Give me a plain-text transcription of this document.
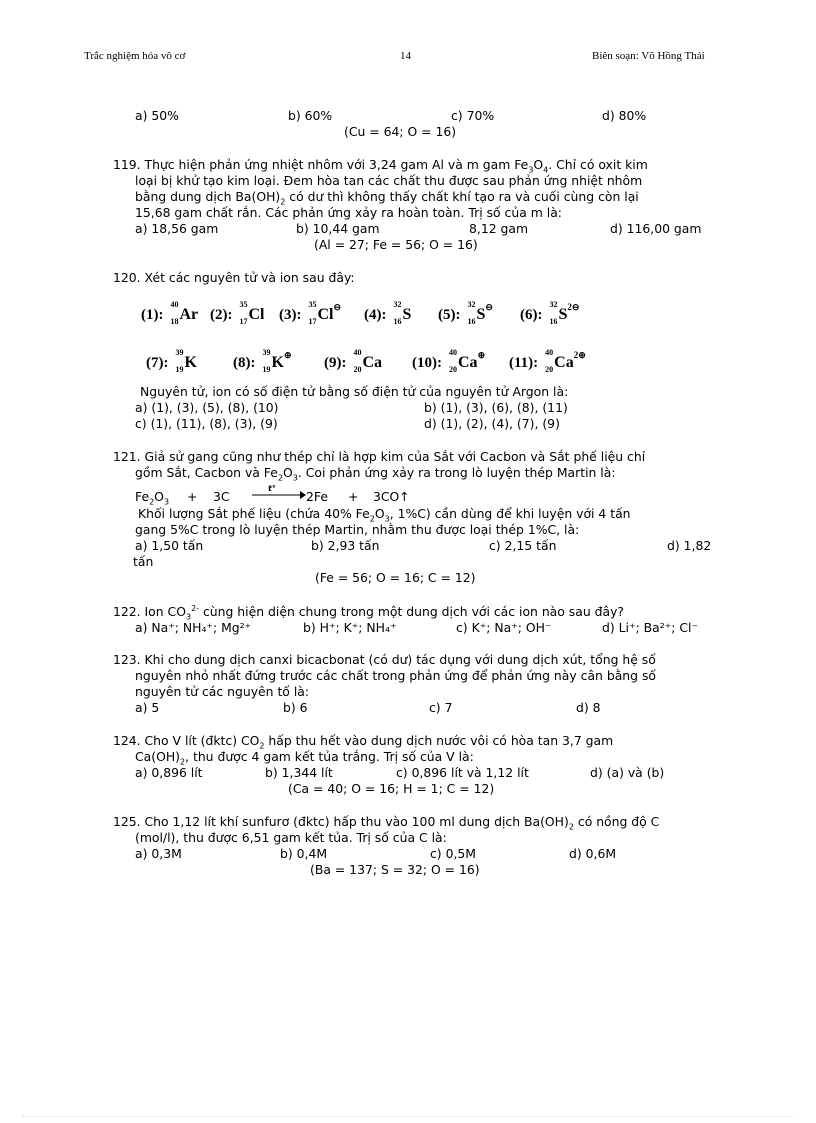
Trắc nghiệm hóa vô cơ	14	Biên soạn: Võ Hồng Thái
a) 50%	b) 60%	c) 70%	d) 80%
(Cu = 64; O = 16)
119. Thực hiện phản ứng nhiệt nhôm với 3,24 gam Al và m gam $Fe_3O_4$. Chỉ có oxit kim
loại bị khử tạo kim loại. Đem hòa tan các chất thu được sau phản ứng nhiệt nhôm
bằng dung dịch $Ba(OH)_2$ có dư thì không thấy chất khí tạo ra và cuối cùng còn lại
15,68 gam chất rắn. Các phản ứng xảy ra hoàn toàn. Trị số của m là:
a) 18,56 gam	b) 10,44 gam	8,12 gam	d) 116,00 gam
(Al = 27; Fe = 56; O = 16)
120. Xét các nguyên tử và ion sau đây:
(1):
40
18 Ar (2):
35
17 Cl (3):
35
17 Cl⊖ (4):
32
16 S (5):
32
16 S⊖ (6):
32
16 $S^{2⊖}$
(7):
39
19 K (8):
39
19 K⊕ (9):
40
20 Ca (10):
40
20 Ca⊕ (11):
40
20 $Ca^{2\oplus}$
Nguyên tử, ion có số điện tử bằng số điện tử của nguyên tử Argon là:
a) (1), (3), (5), (8), (10)	b) (1), (3), (6), (8), (11)
c) (1), (11), (8), (3), (9)	d) (1), (2), (4), (7), (9)
121. Giả sử gang cũng như thép chỉ là hợp kim của Sắt với Cacbon và Sắt phế liệu chỉ
gồm Sắt, Cacbon và $Fe_2O_3$. Coi phản ứng xảy ra trong lò luyện thép Martin là:
$Fe_2O_3 + 3C$
t°
→ 2Fe + 3CO↑
Khối lượng Sắt phế liệu (chứa 40% $Fe_2O_3$, 1%C) cần dùng để khi luyện với 4 tấn
gang 5%C trong lò luyện thép Martin, nhằm thu được loại thép 1%C, là:
a) 1,50 tấn	b) 2,93 tấn	c) 2,15 tấn	d) 1,82
tấn
(Fe = 56; O = 16; C = 12)
122. Ion $CO_3^{2-}$ cùng hiện diện chung trong một dung dịch với các ion nào sau đây?
a) Na⁺; NH₄⁺; Mg²⁺	b) H⁺; K⁺; NH₄⁺	c) K⁺; Na⁺; OH⁻	d) Li⁺; Ba²⁺; Cl⁻
123. Khi cho dung dịch canxi bicacbonat (có dư) tác dụng với dung dịch xút, tổng hệ số
nguyên nhỏ nhất đứng trước các chất trong phản ứng để phản ứng này cân bằng số
nguyên tử các nguyên tố là:
a) 5	b) 6	c) 7	d) 8
124. Cho V lít (đktc) $CO_2$ hấp thu hết vào dung dịch nước vôi có hòa tan 3,7 gam
$Ca(OH)_2$, thu được 4 gam kết tủa trắng. Trị số của V là:
a) 0,896 lít	b) 1,344 lít	c) 0,896 lít và 1,12 lít	d) (a) và (b)
(Ca = 40; O = 16; H = 1; C = 12)
125. Cho 1,12 lít khí sunfurơ (đktc) hấp thu vào 100 ml dung dịch $Ba(OH)_2$ có nồng độ C
(mol/l), thu được 6,51 gam kết tủa. Trị số của C là:
a) 0,3M	b) 0,4M	c) 0,5M	d) 0,6M
(Ba = 137; S = 32; O = 16)
